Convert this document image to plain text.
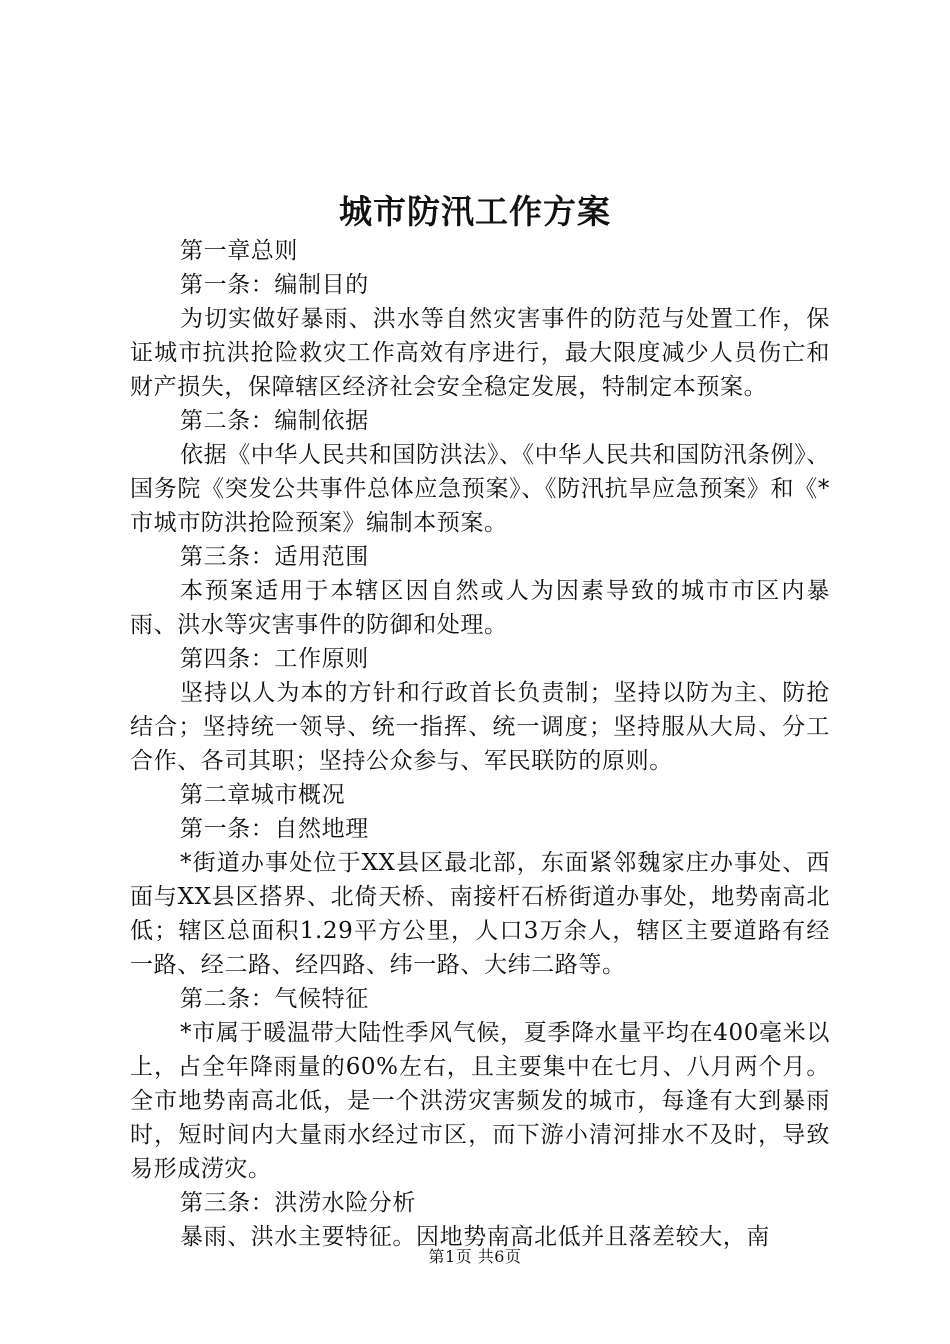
城市防汛工作方案

第一章总则

第一条：编制目的

为切实做好暴雨、洪水等自然灾害事件的防范与处置工作，保证城市抗洪抢险救灾工作高效有序进行，最大限度减少人员伤亡和财产损失，保障辖区经济社会安全稳定发展，特制定本预案。

第二条：编制依据

依据《中华人民共和国防洪法》、《中华人民共和国防汛条例》、国务院《突发公共事件总体应急预案》、《防汛抗旱应急预案》和《*市城市防洪抢险预案》编制本预案。

第三条：适用范围

本预案适用于本辖区因自然或人为因素导致的城市市区内暴雨、洪水等灾害事件的防御和处理。

第四条：工作原则

坚持以人为本的方针和行政首长负责制；坚持以防为主、防抢结合；坚持统一领导、统一指挥、统一调度；坚持服从大局、分工合作、各司其职；坚持公众参与、军民联防的原则。

第二章城市概况

第一条：自然地理

*街道办事处位于XX县区最北部，东面紧邻魏家庄办事处、西面与XX县区搭界、北倚天桥、南接杆石桥街道办事处，地势南高北低；辖区总面积1.29平方公里，人口3万余人，辖区主要道路有经一路、经二路、经四路、纬一路、大纬二路等。

第二条：气候特征

*市属于暖温带大陆性季风气候，夏季降水量平均在400毫米以上，占全年降雨量的60%左右，且主要集中在七月、八月两个月。全市地势南高北低，是一个洪涝灾害频发的城市，每逢有大到暴雨时，短时间内大量雨水经过市区，而下游小清河排水不及时，导致易形成涝灾。

第三条：洪涝水险分析

暴雨、洪水主要特征。因地势南高北低并且落差较大，南

第1页 共6页
